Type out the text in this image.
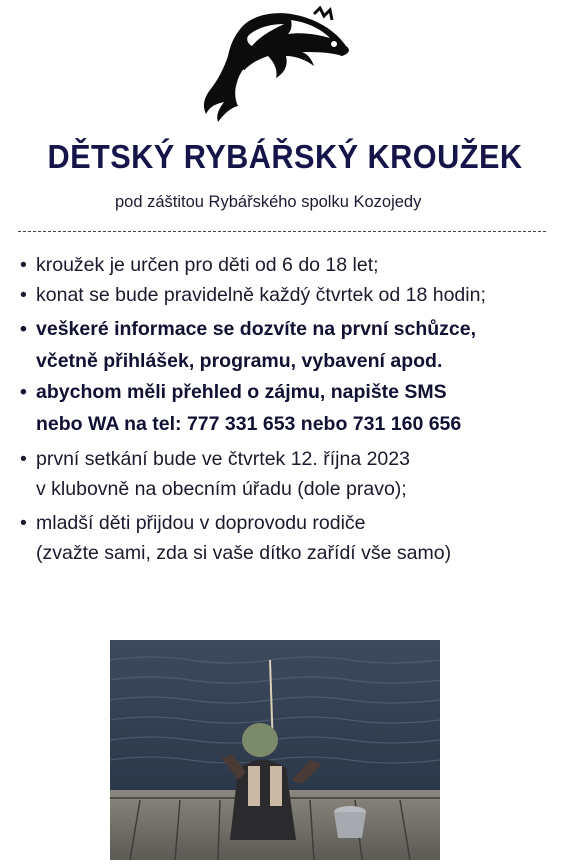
DĚTSKÝ RYBÁŘSKÝ KROUŽEK
pod záštitou Rybářského spolku Kozojedy
• kroužek je určen pro děti od 6 do 18 let;
• konat se bude pravidelně každý čtvrtek od 18 hodin;
• veškeré informace se dozvíte na první schůzce,
včetně přihlášek, programu, vybavení apod.
• abychom měli přehled o zájmu, napište SMS
nebo WA na tel: 777 331 653 nebo 731 160 656
• první setkání bude ve čtvrtek 12. října 2023
v klubovně na obecním úřadu (dole pravo);
• mladší děti přijdou v doprovodu rodiče
(zvažte sami, zda si vaše dítko zařídí vše samo)
